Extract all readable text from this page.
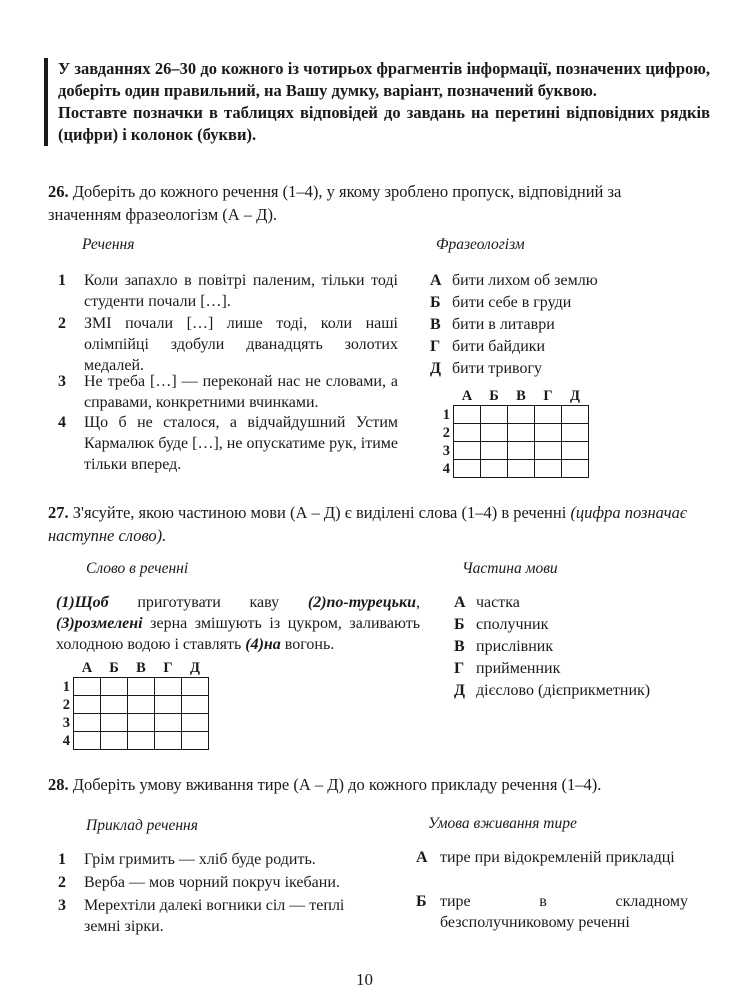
У завданнях 26–30 до кожного із чотирьох фрагментів інформації, позначених цифрою, доберіть один правильний, на Вашу думку, варіант, позначений буквою.

Поставте позначки в таблицях відповідей до завдань на перетині відповідних рядків (цифри) і колонок (букви).

26. Доберіть до кожного речення (1–4), у якому зроблено пропуск, відповідний за значенням фразеологізм (А – Д).
Речення	Фразеологізм
1 Коли запахло в повітрі паленим, тільки тоді студенти почали […].
2 ЗМІ почали […] лише тоді, коли наші олімпійці здобули дванадцять золотих медалей.
3 Не треба […] — переконай нас не словами, а справами, конкретними вчинками.
4 Що б не сталося, а відчайдушний Устим Кармалюк буде […], не опускатиме рук, ітиме тільки вперед.
А бити лихом об землю
Б бити себе в груди
В бити в литаври
Г бити байдики
Д бити тривогу
	А	Б	В	Г	Д
1					
2					
3					
4					
27. З'ясуйте, якою частиною мови (А – Д) є виділені слова (1–4) в реченні (цифра позначає наступне слово).
Слово в реченні	Частина мови
(1)Щоб приготувати каву (2)по-турецьки, (3)розмелені зерна змішують із цукром, заливають холодною водою і ставлять (4)на вогонь.
	А	Б	В	Г	Д
1					
2					
3					
4					
А частка
Б сполучник
В прислівник
Г прийменник
Д дієслово (дієприкметник)
28. Доберіть умову вживання тире (А – Д) до кожного прикладу речення (1–4).
Приклад речення	Умова вживання тире
1 Грім гримить — хліб буде родить.
2 Верба — мов чорний покруч ікебани.
3 Мерехтіли далекі вогники сіл — теплі земні зірки.
А тире при відокремленій прикладці
Б тире в складному безсполучниковому реченні
10
